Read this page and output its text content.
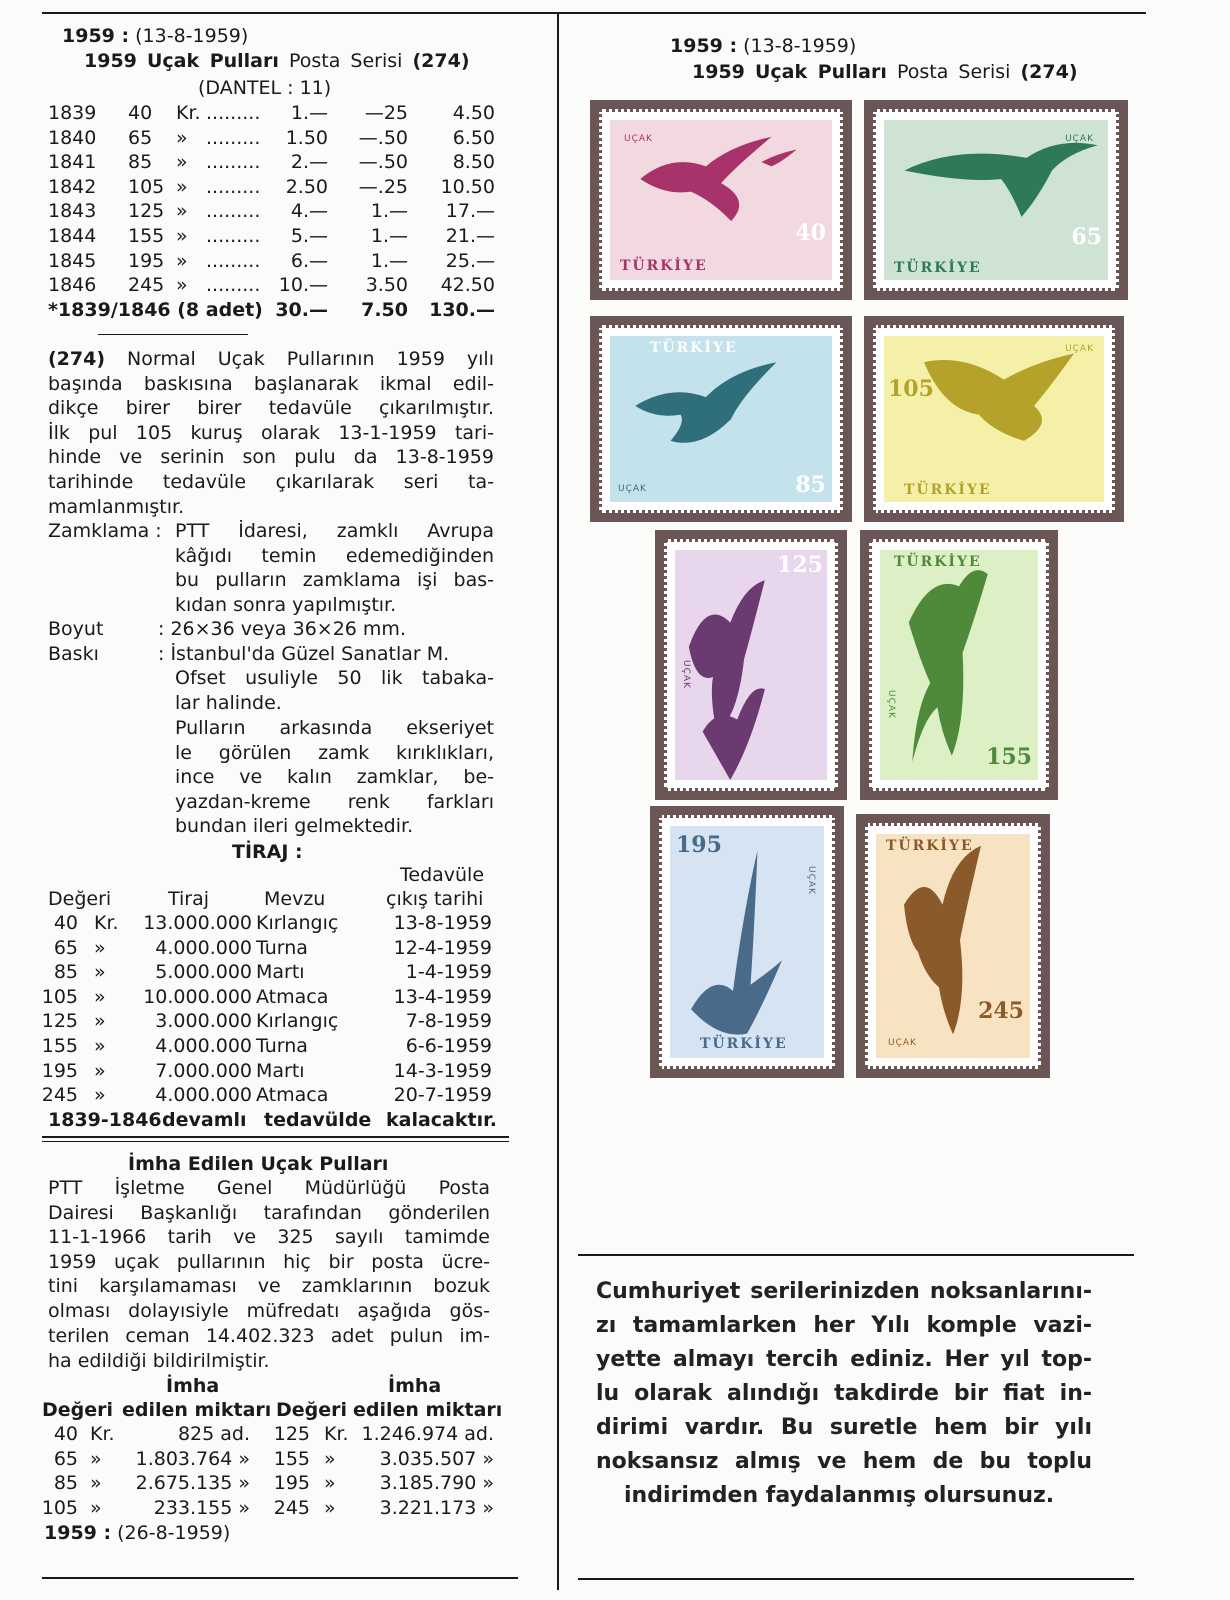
1959 : (13-8-1959)
1959 Uçak Pulları Posta Serisi (274)
(DANTEL : 11)
1839 40 Kr. .........	1.—	—25	4.50
1840 65 » .........	1.50	—.50	6.50
1841 85 » .........	2.—	—.50	8.50
1842 105 » .........	2.50	—.25	10.50
1843 125 » .........	4.—	1.—	17.—
1844 155 » .........	5.—	1.—	21.—
1845 195 » .........	6.—	1.—	25.—
1846 245 » ......... 10.—	3.50	42.50
*1839/1846 (8 adet) 30.—	7.50	130.—
(274) Normal Uçak Pullarının 1959 yılı
başında baskısına başlanarak ikmal edil-
dikçe birer birer tedavüle çıkarılmıştır.
İlk pul 105 kuruş olarak 13-1-1959 tari-
hinde ve serinin son pulu da 13-8-1959
tarihinde tedavüle çıkarılarak seri ta-
mamlanmıştır.
Zamklama : PTT İdaresi, zamklı Avrupa
kâğıdı temin edemediğinden
bu pulların zamklama işi bas-
kıdan sonra yapılmıştır.
Boyut	: 26×36 veya 36×26 mm.
Baskı	: İstanbul'da Güzel Sanatlar M.
Ofset usuliyle 50 lik tabaka-
lar halinde.
Pulların arkasında ekseriyet
le görülen zamk kırıklıkları,
ince ve kalın zamklar, be-
yazdan-kreme renk farkları
bundan ileri gelmektedir.
TİRAJ :
Tedavüle
Değeri	Tiraj	Mevzu	çıkış tarihi
40 Kr.	13.000.000 Kırlangıç	13-8-1959
65 »	4.000.000 Turna	12-4-1959
85 »	5.000.000 Martı	1-4-1959
105 »	10.000.000 Atmaca	13-4-1959
125 »	3.000.000 Kırlangıç	7-8-1959
155 »	4.000.000 Turna	6-6-1959
195 »	7.000.000 Martı	14-3-1959
245 »	4.000.000 Atmaca	20-7-1959
1839-1846 devamlı tedavülde kalacaktır.
İmha Edilen Uçak Pulları
PTT İşletme Genel Müdürlüğü Posta
Dairesi Başkanlığı tarafından gönderilen
11-1-1966 tarih ve 325 sayılı tamimde
1959 uçak pullarının hiç bir posta ücre-
tini karşılamaması ve zamklarının bozuk
olması dolayısiyle müfredatı aşağıda gös-
terilen ceman 14.402.323 adet pulun im-
ha edildiği bildirilmiştir.
İmha	İmha
Değeri edilen miktarı Değeri edilen miktarı
40 Kr.	825 ad.	125 Kr. 1.246.974 ad.
65 »	1.803.764 »	155 »	3.035.507 »
85 »	2.675.135 »	195 »	3.185.790 »
105 »	233.155 »	245 »	3.221.173 »
1959 : (26-8-1959)
1959 : (13-8-1959)
1959 Uçak Pulları Posta Serisi (274)
40
TÜRKİYE
UÇAK
65
TÜRKİYE
UÇAK
85
TÜRKİYE
UÇAK
105
TÜRKİYE
UÇAK
125
UÇAK
155
TÜRKİYE
UÇAK
195
TÜRKİYE
UÇAK
245
TÜRKİYE
UÇAK
Cumhuriyet serilerinizden noksanlarını-
zı tamamlarken her Yılı komple vazi-
yette almayı tercih ediniz. Her yıl top-
lu olarak alındığı takdirde bir fiat in-
dirimi vardır. Bu suretle hem bir yılı
noksansız almış ve hem de bu toplu
indirimden faydalanmış olursunuz.
